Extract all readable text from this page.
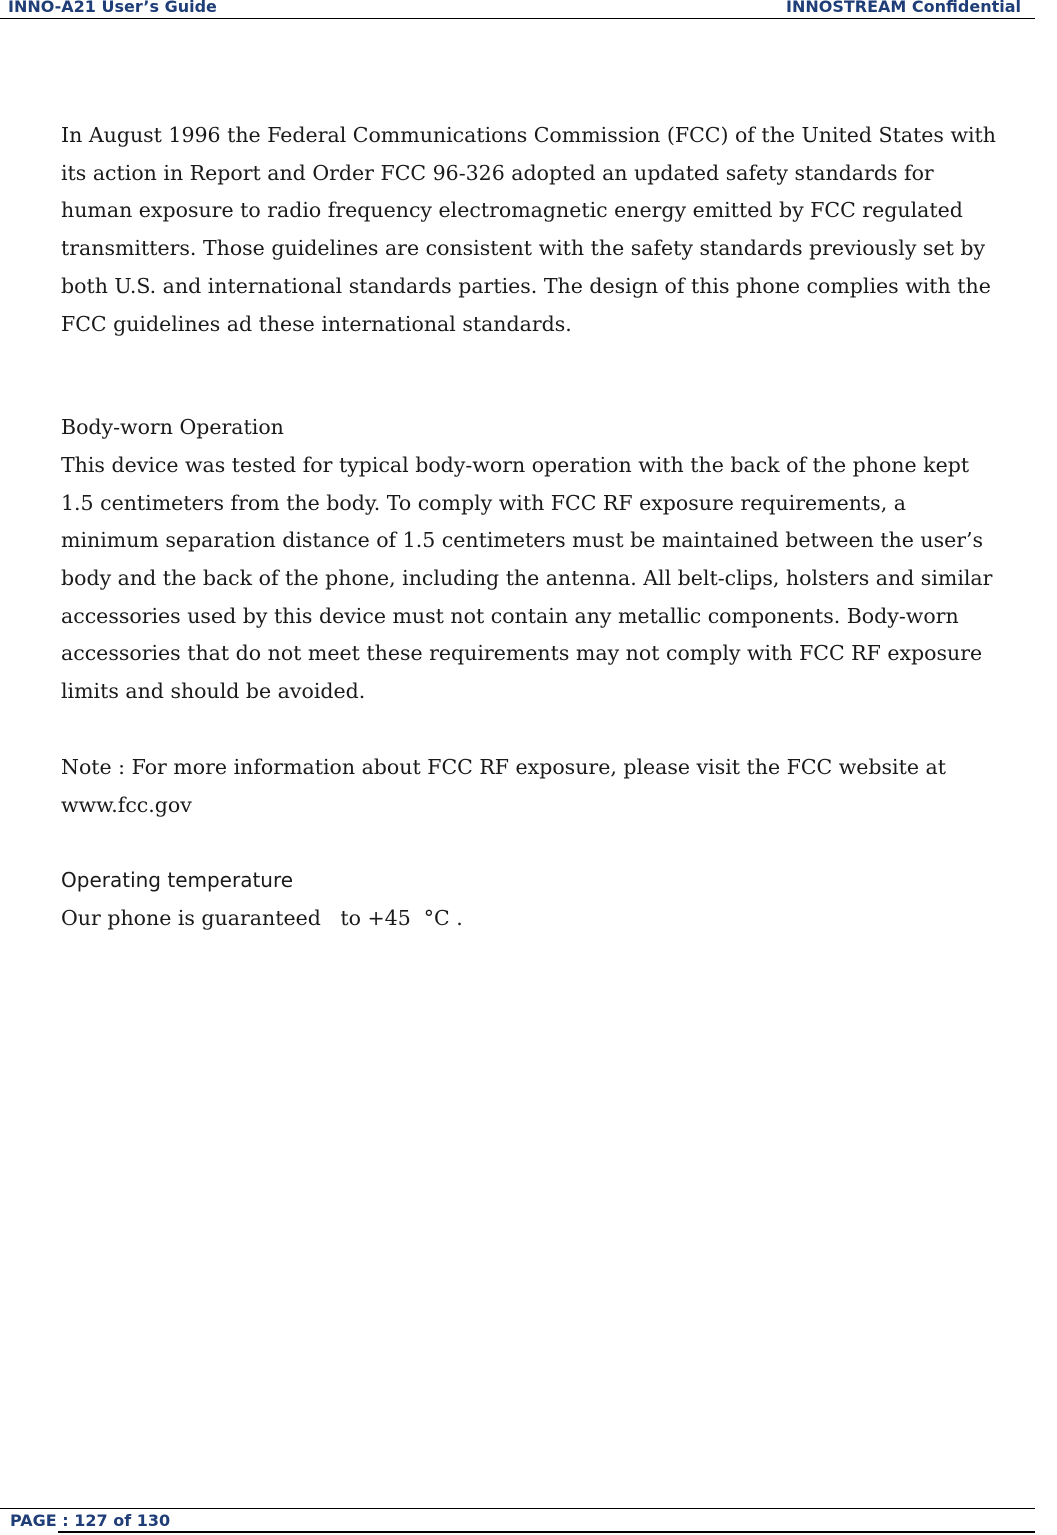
INNO-A21 User’s Guide	INNOSTREAM Confidential

In August 1996 the Federal Communications Commission (FCC) of the United States with

its action in Report and Order FCC 96-326 adopted an updated safety standards for

human exposure to radio frequency electromagnetic energy emitted by FCC regulated

transmitters. Those guidelines are consistent with the safety standards previously set by

both U.S. and international standards parties. The design of this phone complies with the

FCC guidelines ad these international standards.

Body-worn Operation

This device was tested for typical body-worn operation with the back of the phone kept

1.5 centimeters from the body. To comply with FCC RF exposure requirements, a

minimum separation distance of 1.5 centimeters must be maintained between the user’s

body and the back of the phone, including the antenna. All belt-clips, holsters and similar

accessories used by this device must not contain any metallic components. Body-worn

accessories that do not meet these requirements may not comply with FCC RF exposure

limits and should be avoided.

Note : For more information about FCC RF exposure, please visit the FCC website at

www.fcc.gov

Operating temperature

Our phone is guaranteed   to +45  °C .

PAGE : 127 of 130
